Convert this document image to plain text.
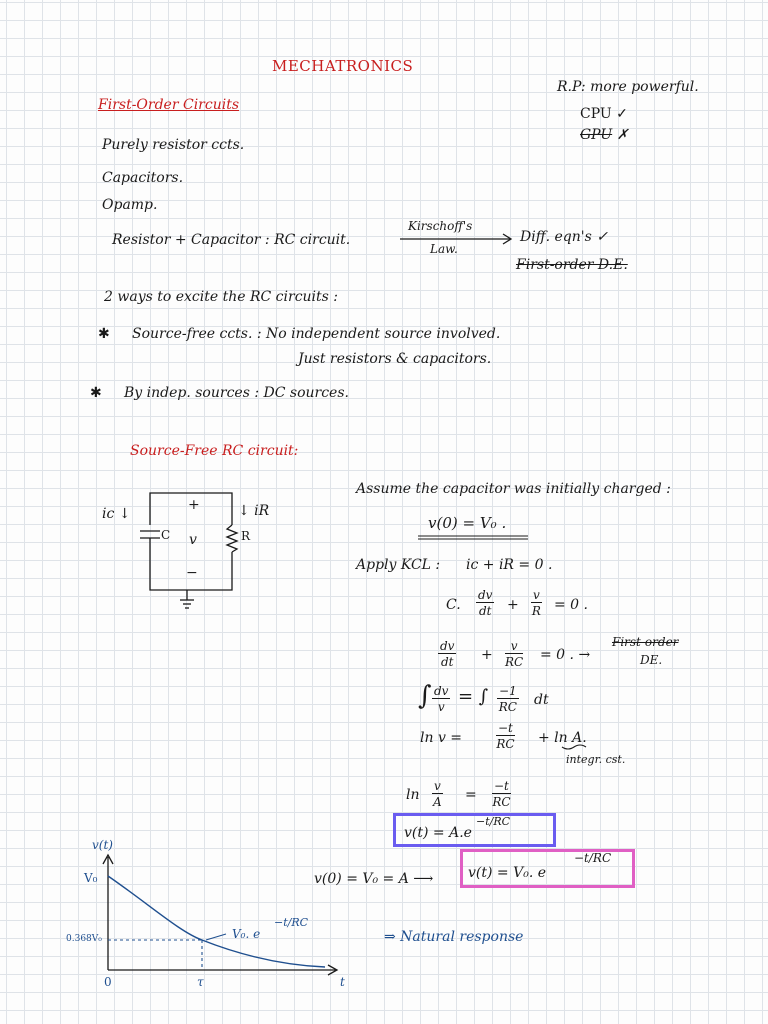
MECHATRONICS
First-Order Circuits
R.P: more powerful.
CPU ✓
GPU ✗
Purely resistor ccts.
Capacitors.
Opamp.
Resistor + Capacitor : RC circuit.
Kirschoff's
Law.
Diff. eqn's ✓
First-order D.E.
2 ways to excite the RC circuits :
✱ Source-free ccts. : No independent source involved.
Just resistors & capacitors.
✱ By indep. sources : DC sources.
Source-Free RC circuit:
ic ↓	↓ iR
+
−
v
C	R
Assume the capacitor was initially charged :
v(0) = V₀ .
Apply KCL : ic + iR = 0 .
C. $\frac{dv}{dt} + \frac{v}{R} = 0$ .
$\frac{dv}{dt} + \frac{v}{RC} = 0$ . →
First-order
DE.
∫ $\frac{dv}{v}$ = ∫ $\frac{-1}{RC}$ dt
ln v =	$\frac{-t}{RC} + \ln A$.
integr. cst.
$\ln \frac{v}{A} = \frac{-t}{RC}$
v(t) = A.e
−t/RC
v(0) = V₀ = A ⟶ v(t) = V₀. e
−t/RC
⇒ Natural response
v(t)
V₀
0.368V₀
0	τ	t
V₀. e
−t/RC
